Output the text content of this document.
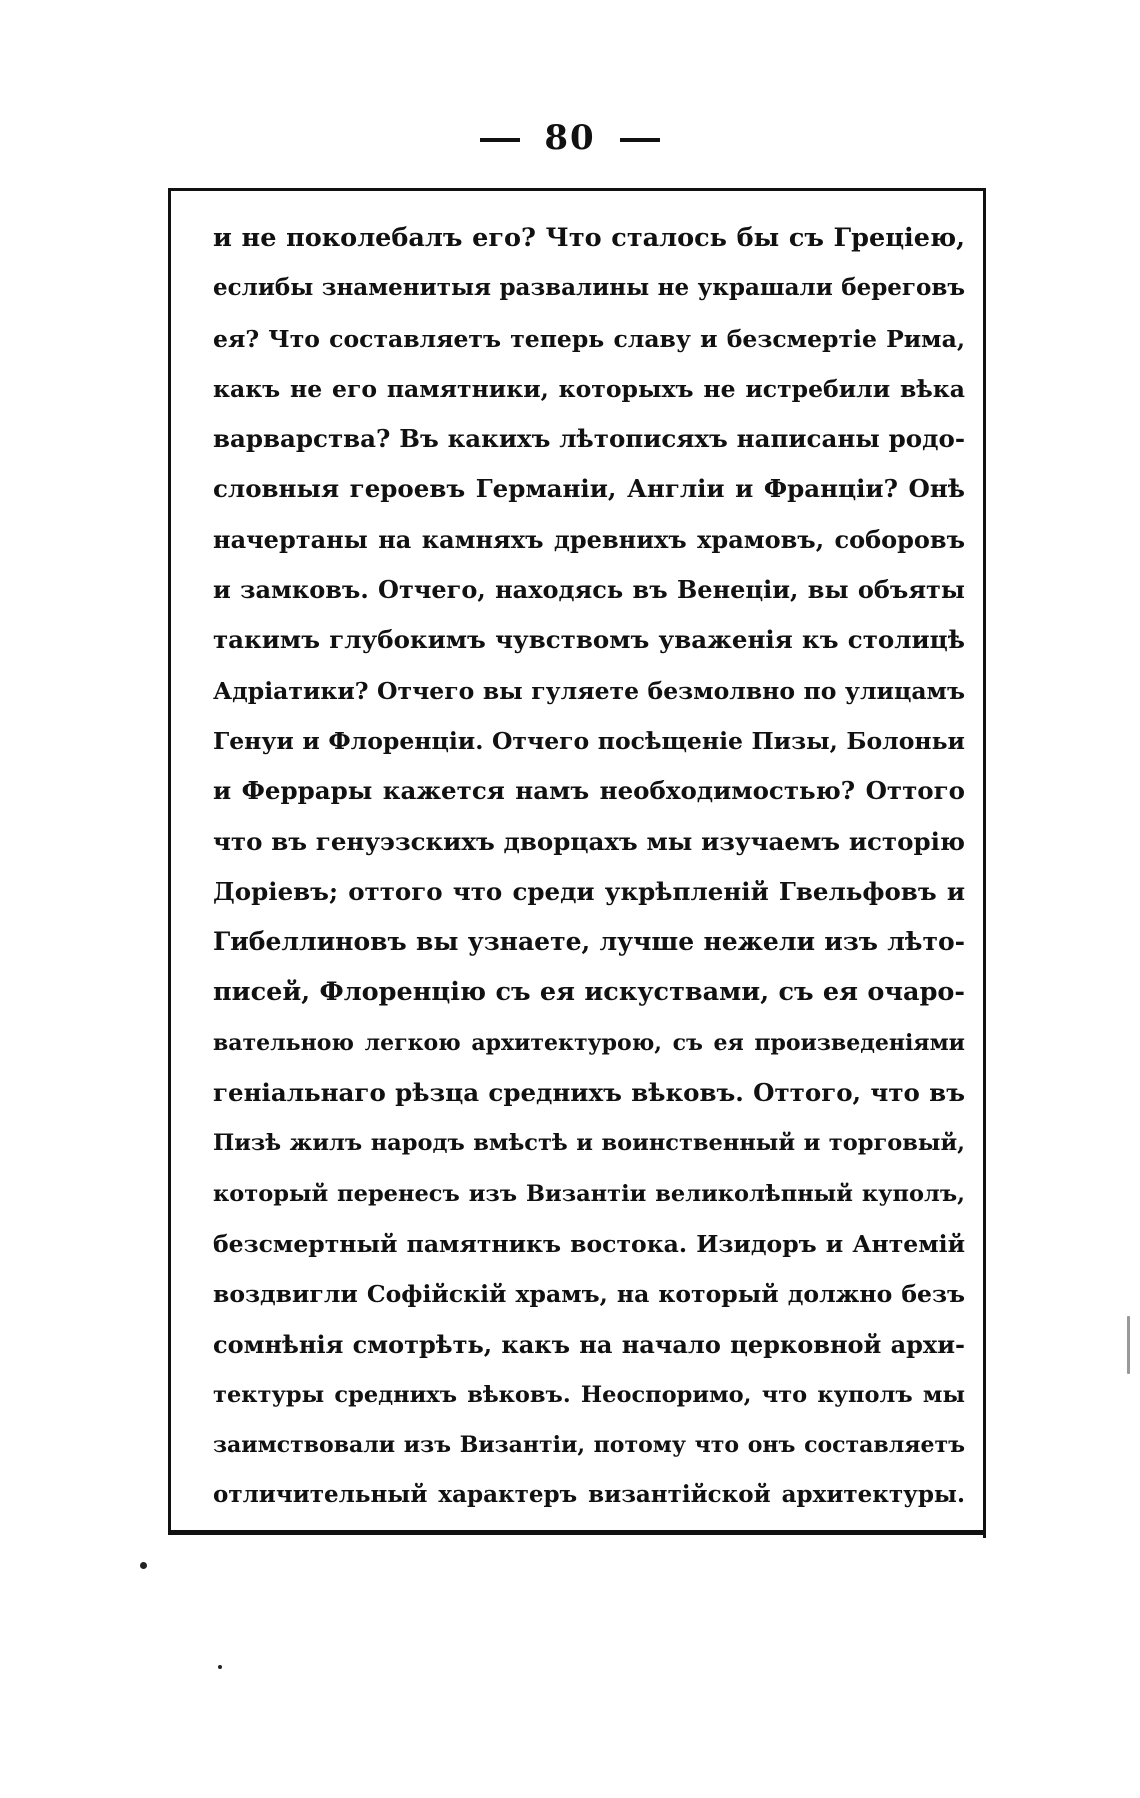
80
и не поколебалъ его? Что сталось бы съ Греціею,
еслибы знаменитыя развалины не украшали береговъ
ея? Что составляетъ теперь славу и безсмертіе Рима,
какъ не его памятники, которыхъ не истребили вѣка
варварства? Въ какихъ лѣтописяхъ написаны родо-
словныя героевъ Германіи, Англіи и Франціи? Онѣ
начертаны на камняхъ древнихъ храмовъ, соборовъ
и замковъ. Отчего, находясь въ Венеціи, вы объяты
такимъ глубокимъ чувствомъ уваженія къ столицѣ
Адріатики? Отчего вы гуляете безмолвно по улицамъ
Генуи и Флоренціи. Отчего посѣщеніе Пизы, Болоньи
и Феррары кажется намъ необходимостью? Оттого
что въ генуэзскихъ дворцахъ мы изучаемъ исторію
Доріевъ; оттого что среди укрѣпленій Гвельфовъ и
Гибеллиновъ вы узнаете, лучше нежели изъ лѣто-
писей, Флоренцію съ ея искуствами, съ ея очаро-
вательною легкою архитектурою, съ ея произведеніями
геніальнаго рѣзца среднихъ вѣковъ. Оттого, что въ
Пизѣ жилъ народъ вмѣстѣ и воинственный и торговый,
который перенесъ изъ Византіи великолѣпный куполъ,
безсмертный памятникъ востока. Изидоръ и Антемій
воздвигли Софійскій храмъ, на который должно безъ
сомнѣнія смотрѣть, какъ на начало церковной архи-
тектуры среднихъ вѣковъ. Неоспоримо, что куполъ мы
заимствовали изъ Византіи, потому что онъ составляетъ
отличительный характеръ византійской архитектуры.
